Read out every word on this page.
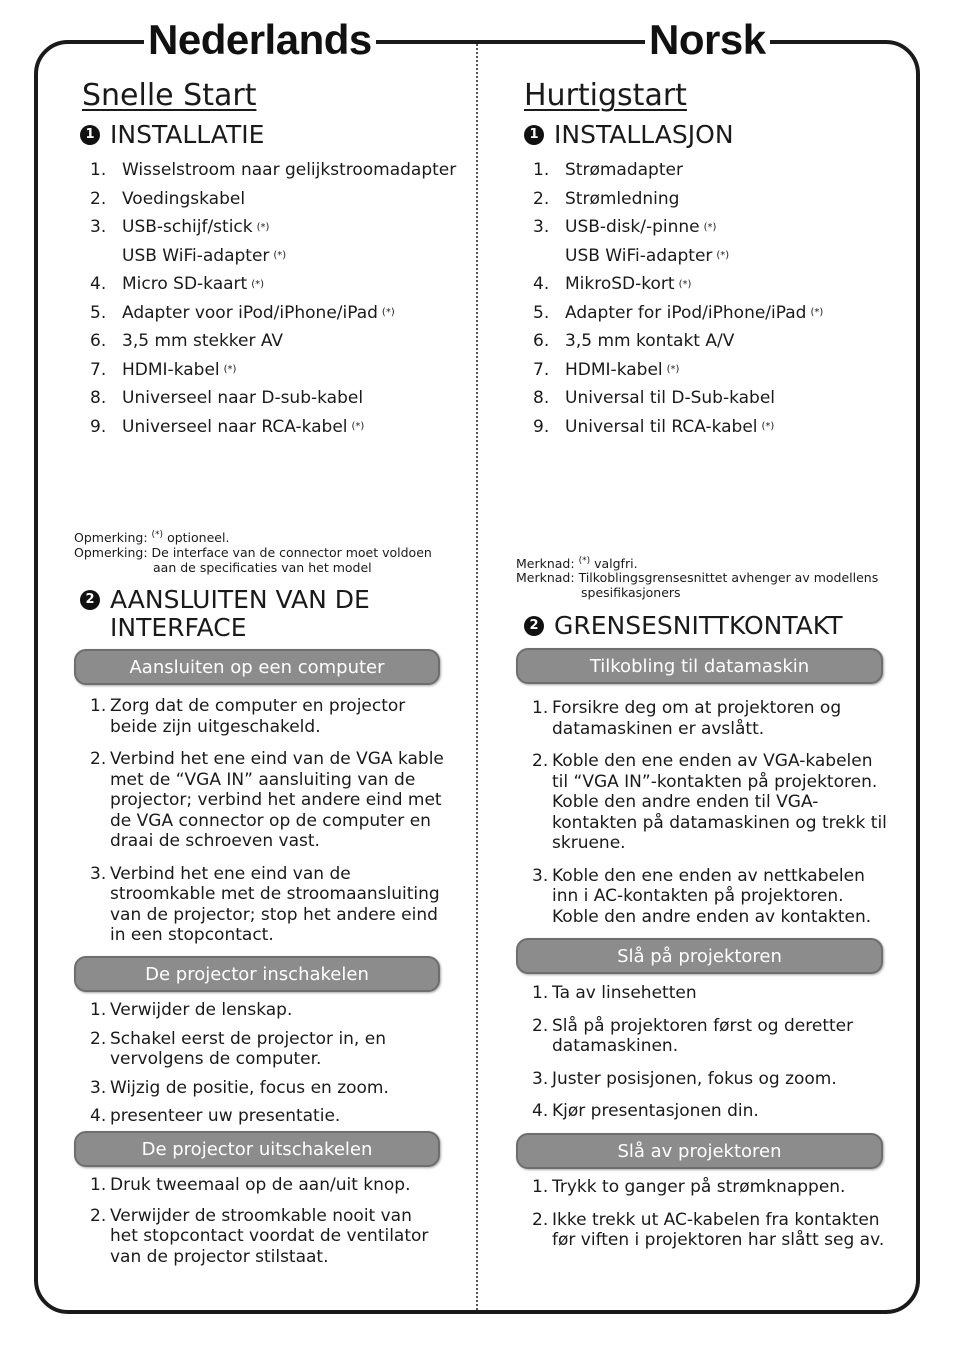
Nederlands	Norsk
Snelle Start
1 INSTALLATIE
1. Wisselstroom naar gelijkstroomadapter
2. Voedingskabel
3. USB-schijf/stick (*)
USB WiFi-adapter (*)
4. Micro SD-kaart (*)
5. Adapter voor iPod/iPhone/iPad (*)
6. 3,5 mm stekker AV
7. HDMI-kabel (*)
8. Universeel naar D-sub-kabel
9. Universeel naar RCA-kabel (*)
Opmerking: (*) optioneel.
Opmerking: De interface van de connector moet voldoen
aan de specificaties van het model
2 AANSLUITEN VAN DE
INTERFACE
Aansluiten op een computer
1. Zorg dat de computer en projector beide zijn uitgeschakeld.
2. Verbind het ene eind van de VGA kable met de “VGA IN” aansluiting van de projector; verbind het andere eind met de VGA connector op de computer en draai de schroeven vast.
3. Verbind het ene eind van de stroomkable met de stroomaansluiting van de projector; stop het andere eind in een stopcontact.
De projector inschakelen
1. Verwijder de lenskap.
2. Schakel eerst de projector in, en vervolgens de computer.
3. Wijzig de positie, focus en zoom.
4. presenteer uw presentatie.
De projector uitschakelen
1. Druk tweemaal op de aan/uit knop.
2. Verwijder de stroomkable nooit van het stopcontact voordat de ventilator van de projector stilstaat.
Hurtigstart
1 INSTALLASJON
1. Strømadapter
2. Strømledning
3. USB-disk/-pinne (*)
USB WiFi-adapter (*)
4. MikroSD-kort (*)
5. Adapter for iPod/iPhone/iPad (*)
6. 3,5 mm kontakt A/V
7. HDMI-kabel (*)
8. Universal til D-Sub-kabel
9. Universal til RCA-kabel (*)
Merknad: (*) valgfri.
Merknad: Tilkoblingsgrensesnittet avhenger av modellens
spesifikasjoners
2 GRENSESNITTKONTAKT
Tilkobling til datamaskin
1. Forsikre deg om at projektoren og datamaskinen er avslått.
2. Koble den ene enden av VGA-kabelen til “VGA IN”-kontakten på projektoren. Koble den andre enden til VGA-kontakten på datamaskinen og trekk til skruene.
3. Koble den ene enden av nettkabelen inn i AC-kontakten på projektoren. Koble den andre enden av kontakten.
Slå på projektoren
1. Ta av linsehetten
2. Slå på projektoren først og deretter datamaskinen.
3. Juster posisjonen, fokus og zoom.
4. Kjør presentasjonen din.
Slå av projektoren
1. Trykk to ganger på strømknappen.
2. Ikke trekk ut AC-kabelen fra kontakten før viften i projektoren har slått seg av.
